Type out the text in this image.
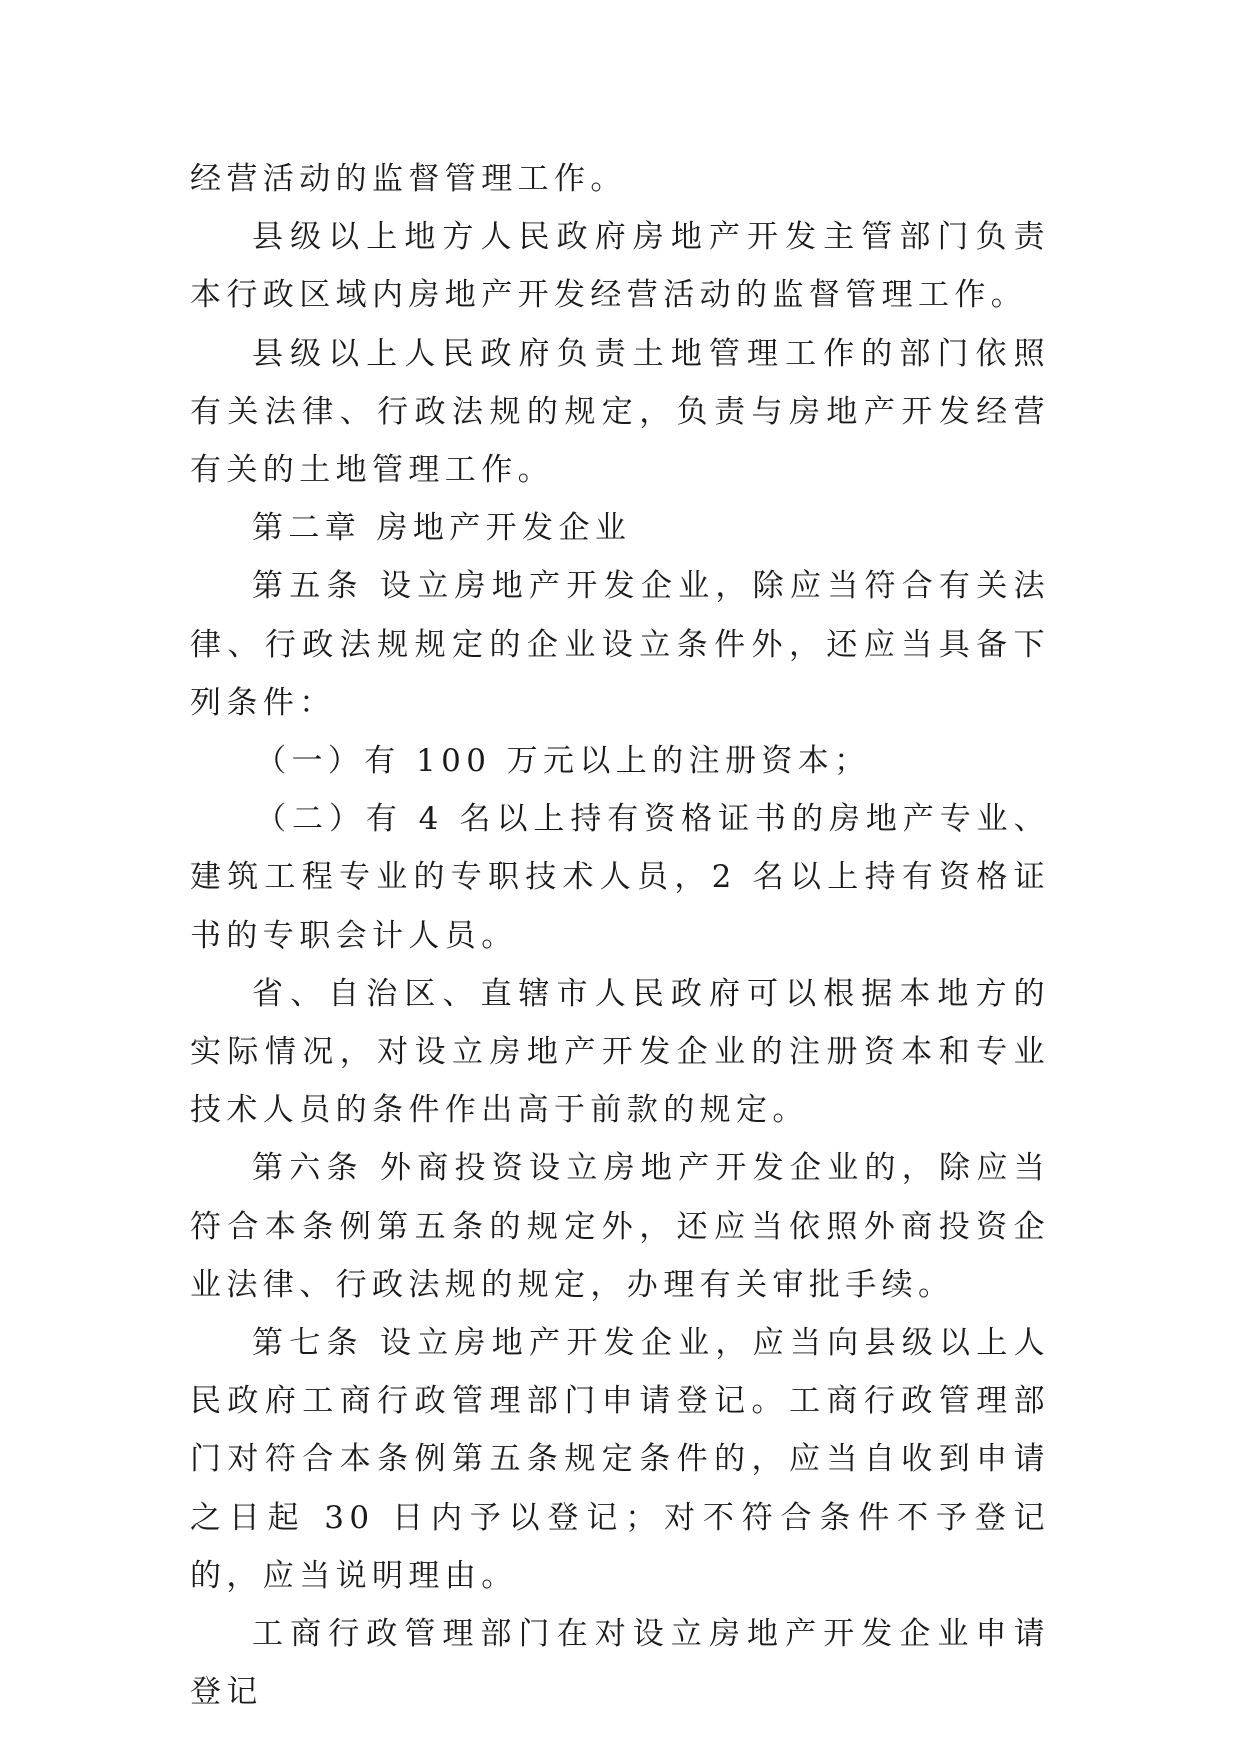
经营活动的监督管理工作。

县级以上地方人民政府房地产开发主管部门负责本行政区域内房地产开发经营活动的监督管理工作。

县级以上人民政府负责土地管理工作的部门依照有关法律、行政法规的规定，负责与房地产开发经营有关的土地管理工作。

第二章 房地产开发企业

第五条 设立房地产开发企业，除应当符合有关法律、行政法规规定的企业设立条件外，还应当具备下列条件：

（一）有 100 万元以上的注册资本；

（二）有 4 名以上持有资格证书的房地产专业、建筑工程专业的专职技术人员，2 名以上持有资格证书的专职会计人员。

省、自治区、直辖市人民政府可以根据本地方的实际情况，对设立房地产开发企业的注册资本和专业技术人员的条件作出高于前款的规定。

第六条 外商投资设立房地产开发企业的，除应当符合本条例第五条的规定外，还应当依照外商投资企业法律、行政法规的规定，办理有关审批手续。

第七条 设立房地产开发企业，应当向县级以上人民政府工商行政管理部门申请登记。工商行政管理部门对符合本条例第五条规定条件的，应当自收到申请之日起 30 日内予以登记；对不符合条件不予登记的，应当说明理由。

工商行政管理部门在对设立房地产开发企业申请登记
